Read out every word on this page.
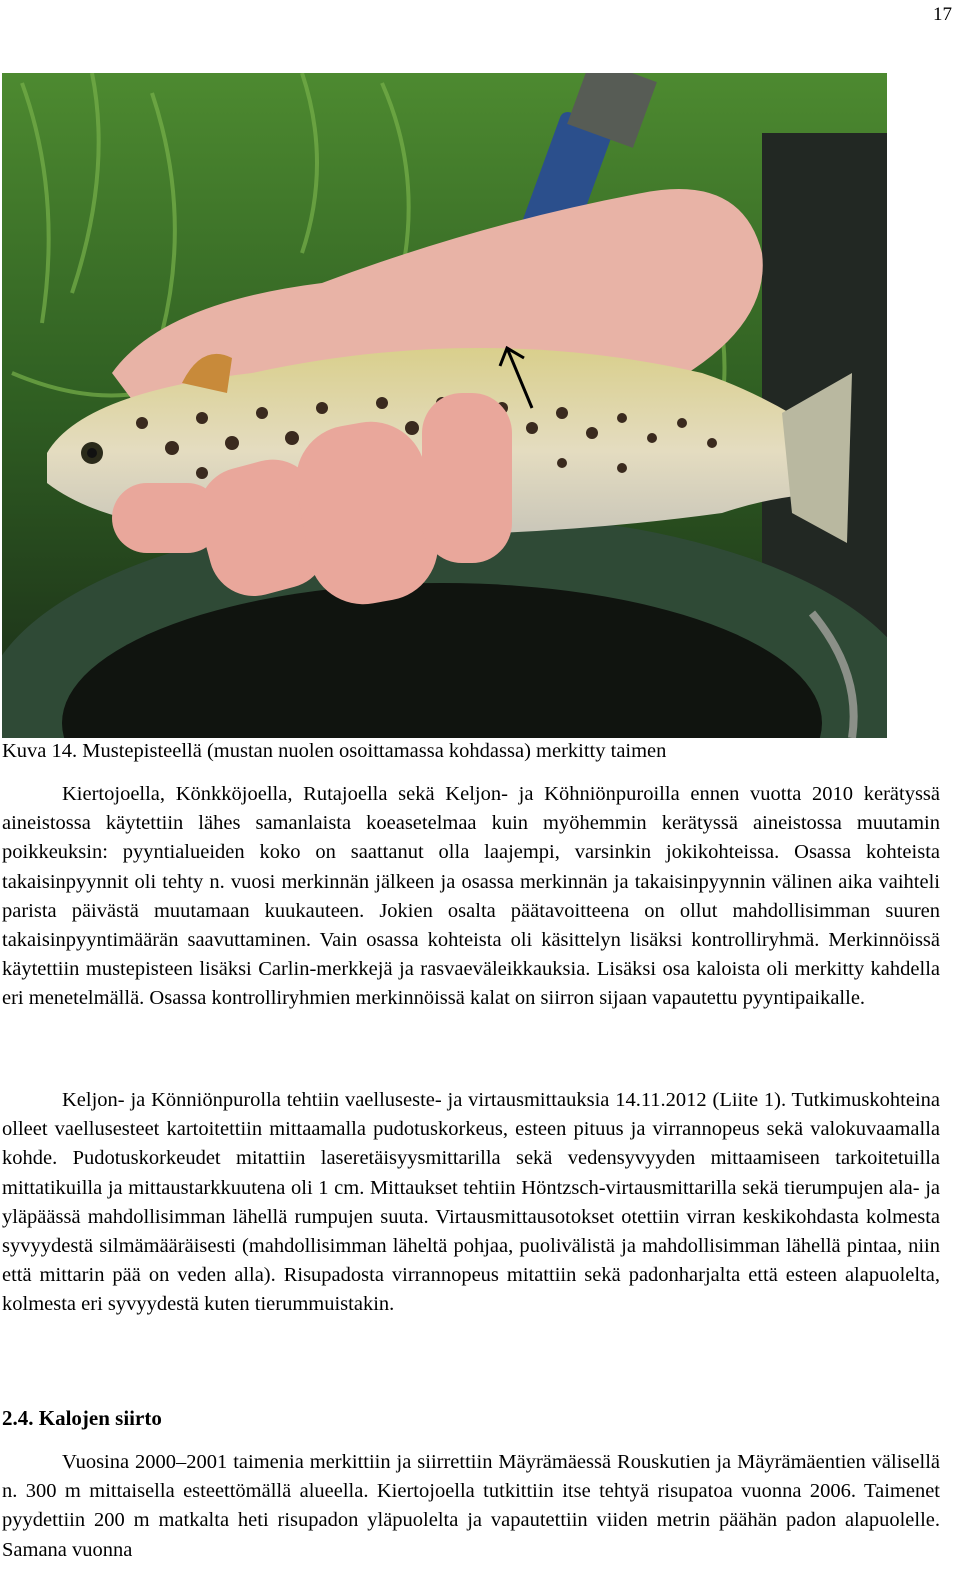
17
Kuva 14. Mustepisteellä (mustan nuolen osoittamassa kohdassa) merkitty taimen

Kiertojoella, Könkköjoella, Rutajoella sekä Keljon- ja Köhniönpuroilla ennen vuotta 2010 kerätyssä aineistossa käytettiin lähes samanlaista koeasetelmaa kuin myöhemmin kerätyssä aineistossa muutamin poikkeuksin: pyyntialueiden koko on saattanut olla laajempi, varsinkin jokikohteissa. Osassa kohteista takaisinpyynnit oli tehty n. vuosi merkinnän jälkeen ja osassa merkinnän ja takaisinpyynnin välinen aika vaihteli parista päivästä muutamaan kuukauteen. Jokien osalta päätavoitteena on ollut mahdollisimman suuren takaisinpyyntimäärän saavuttaminen. Vain osassa kohteista oli käsittelyn lisäksi kontrolliryhmä. Merkinnöissä käytettiin mustepisteen lisäksi Carlin-merkkejä ja rasvaeväleikkauksia. Lisäksi osa kaloista oli merkitty kahdella eri menetelmällä. Osassa kontrolliryhmien merkinnöissä kalat on siirron sijaan vapautettu pyyntipaikalle.

Keljon- ja Könniönpurolla tehtiin vaelluseste- ja virtausmittauksia 14.11.2012 (Liite 1). Tutkimuskohteina olleet vaellusesteet kartoitettiin mittaamalla pudotuskorkeus, esteen pituus ja virrannopeus sekä valokuvaamalla kohde. Pudotuskorkeudet mitattiin laseretäisyysmittarilla sekä vedensyvyyden mittaamiseen tarkoitetuilla mittatikuilla ja mittaustarkkuutena oli 1 cm. Mittaukset tehtiin Höntzsch-virtausmittarilla sekä tierumpujen ala- ja yläpäässä mahdollisimman lähellä rumpujen suuta. Virtausmittausotokset otettiin virran keskikohdasta kolmesta syvyydestä silmämääräisesti (mahdollisimman läheltä pohjaa, puolivälistä ja mahdollisimman lähellä pintaa, niin että mittarin pää on veden alla). Risupadosta virrannopeus mitattiin sekä padonharjalta että esteen alapuolelta, kolmesta eri syvyydestä kuten tierummuistakin.

2.4. Kalojen siirto

Vuosina 2000–2001 taimenia merkittiin ja siirrettiin Mäyrämäessä Rouskutien ja Mäyrämäentien välisellä n. 300 m mittaisella esteettömällä alueella. Kiertojoella tutkittiin itse tehtyä risupatoa vuonna 2006. Taimenet pyydettiin 200 m matkalta heti risupadon yläpuolelta ja vapautettiin viiden metrin päähän padon alapuolelle. Samana vuonna
